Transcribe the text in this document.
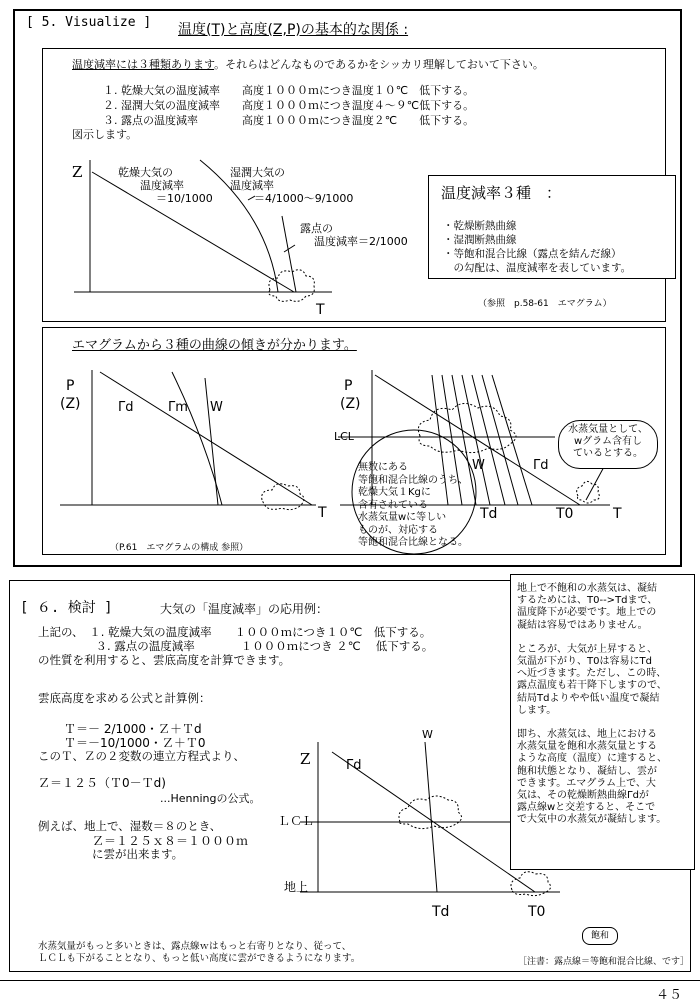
[ 5. Visualize ] 温度(T)と高度(Z,P)の基本的な関係 :
温度減率には３種類あります。それらはどんなものであるかをシッカリ理解しておいて下さい。
１. 乾燥大気の温度減率　　高度１０００ｍにつき温度１０℃　低下する。
２. 湿潤大気の温度減率　　高度１０００ｍにつき温度４～９℃低下する。
３. 露点の温度減率　　　　高度１０００ｍにつき温度２℃　　低下する。
図示します。
Z
T
乾燥大気の
温度減率
＝10/1000
湿潤大気の
温度減率
＝4/1000～9/1000
露点の
温度減率＝2/1000
温度減率３種　：
・乾燥断熱曲線
・湿潤断熱曲線
・等飽和混合比線（露点を結んだ線）
　の勾配は、温度減率を表しています。
（参照　p.58-61　エマグラム）
エマグラムから３種の曲線の傾きが分かります。
P
(Z)	Γd	Γm W
T
P
(Z)
LCL
W	Γd
Td	T0	T
無数にある
等飽和混合比線のうち、
乾燥大気１Kgに
含有されている
水蒸気量wに等しい
ものが、対応する
等飽和混合比線となる。
水蒸気量として、
wグラム含有し
ているとする。
（P.61　エマグラムの構成 参照）
[ ６. 検討 ]	大気の「温度減率」の応用例：
上記の、　１. 乾燥大気の温度減率　　１０００ｍにつき１０℃　低下する。
　　　　　３. 露点の温度減率　　　　１０００ｍにつき ２℃　 低下する。
の性質を利用すると、雲底高度を計算できます。
雲底高度を求める公式と計算例：
Ｔ＝－ 2/1000・Ｚ＋Ｔd
Ｔ＝－10/1000・Ｚ＋Ｔ0
このＴ、Ｚの２変数の連立方程式より、
Ｚ＝１２５（Ｔ0－Ｔd)
...Henningの公式。
例えば、地上で、湿数＝８のとき、
Ｚ＝１２５ｘ８＝１０００ｍ
に雲が出来ます。
Z	Γd
W
ＬＣＬ
地上
Td	T0
地上で不飽和の水蒸気は、凝結
するためには、T0-->Tdまで、
温度降下が必要です。地上での
凝結は容易ではありません。
ところが、大気が上昇すると、
気温が下がり、T0は容易にTd
へ近づきます。ただし、この時、
露点温度も若干降下しますので、
結局Tdよりやや低い温度で凝結
します。
即ち、水蒸気は、地上における
水蒸気量を飽和水蒸気量とする
ような高度（温度）に達すると、
飽和状態となり、凝結し、雲が
できます。エマグラム上で、大
気は、その乾燥断熱曲線Γdが
露点線wと交差すると、そこで
で大気中の水蒸気が凝結します。
水蒸気量がもっと多いときは、露点線ｗはもっと右寄りとなり、従って、
ＬＣＬも下がることとなり、もっと低い高度に雲ができるようになります。
飽和
［注書：露点線＝等飽和混合比線、です］
４５
